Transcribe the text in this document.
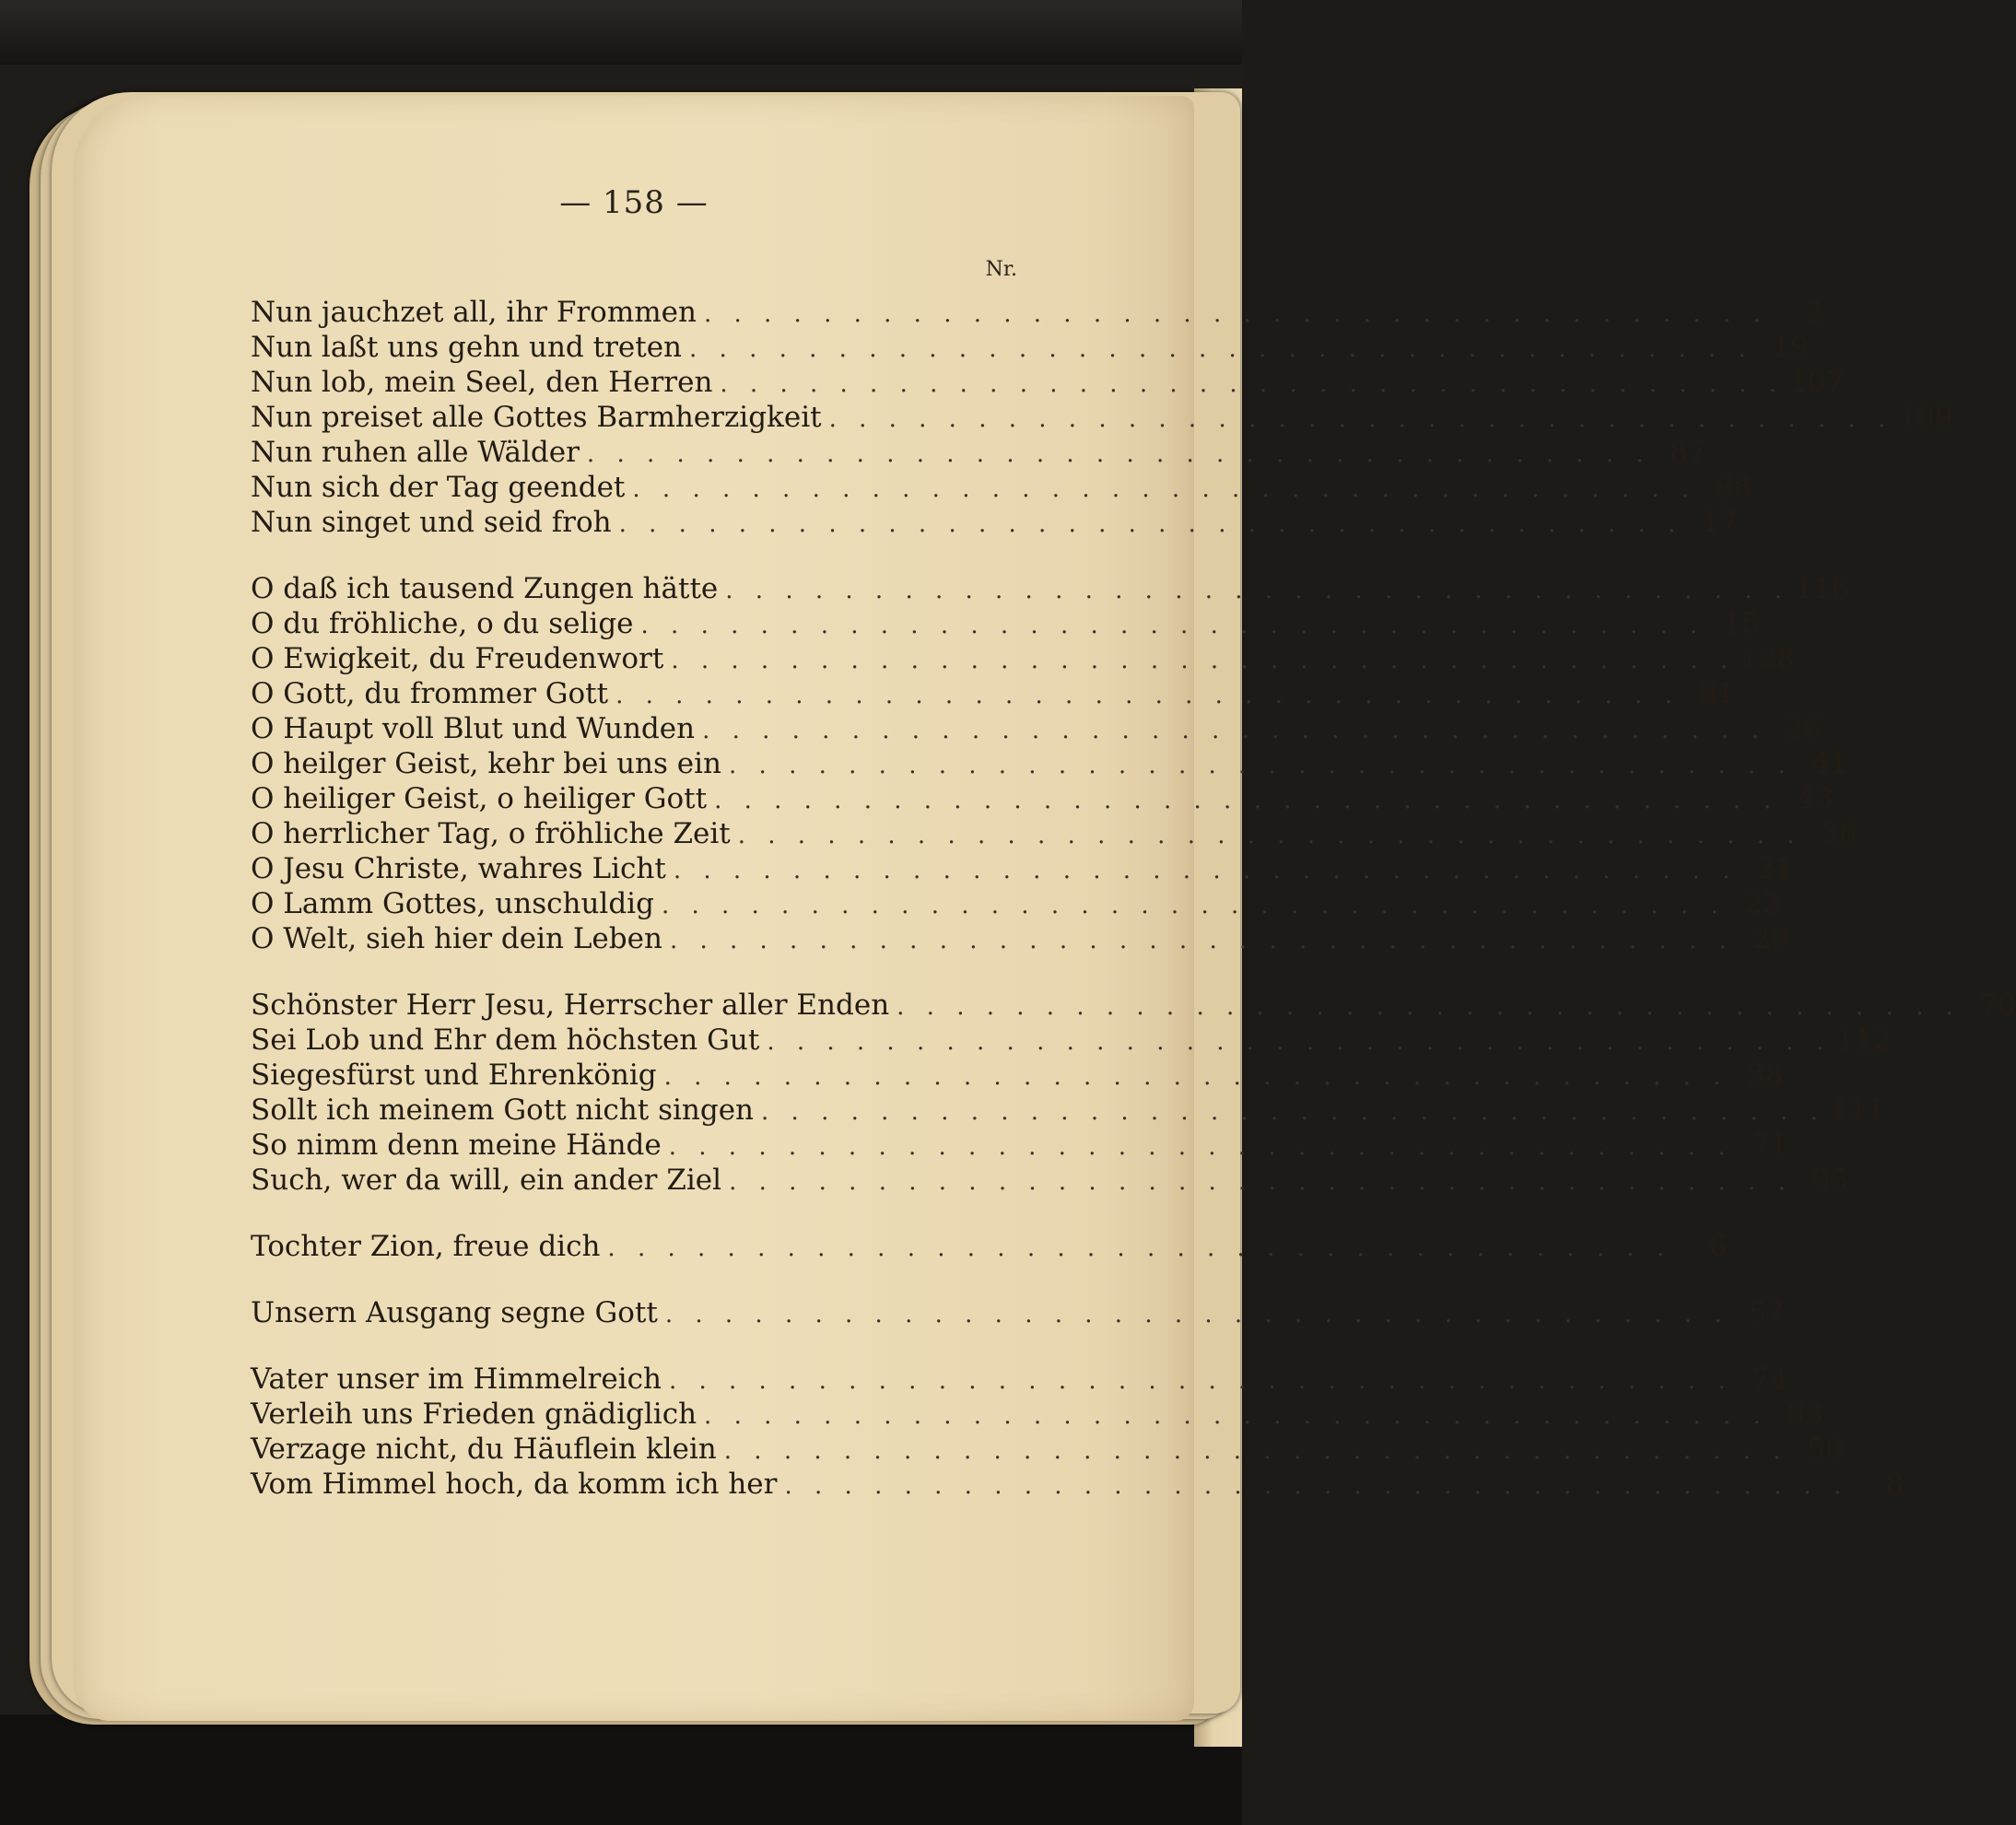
— 158 —
Nr.
Nun jauchzet all, ihr Frommen . . . . . . . . . . . . . . . . . . . . . . . . . . . . . . . . . . . .	2
Nun laßt uns gehn und treten . . . . . . . . . . . . . . . . . . . . . . . . . . . . . . . . . . . . 19
Nun lob, mein Seel, den Herren . . . . . . . . . . . . . . . . . . . . . . . . . . . . . . . . . . . . 107
Nun preiset alle Gottes Barmherzigkeit . . . . . . . . . . . . . . . . . . . . . . . . . . . . . . . . . . . . 109
Nun ruhen alle Wälder . . . . . . . . . . . . . . . . . . . . . . . . . . . . . . . . . . . . 87
Nun sich der Tag geendet . . . . . . . . . . . . . . . . . . . . . . . . . . . . . . . . . . . . 88
Nun singet und seid froh . . . . . . . . . . . . . . . . . . . . . . . . . . . . . . . . . . . . 17
O daß ich tausend Zungen hätte . . . . . . . . . . . . . . . . . . . . . . . . . . . . . . . . . . . . 116
O du fröhliche, o du selige . . . . . . . . . . . . . . . . . . . . . . . . . . . . . . . . . . . . 15
O Ewigkeit, du Freudenwort . . . . . . . . . . . . . . . . . . . . . . . . . . . . . . . . . . . . 128
O Gott, du frommer Gott . . . . . . . . . . . . . . . . . . . . . . . . . . . . . . . . . . . . 91
O Haupt voll Blut und Wunden . . . . . . . . . . . . . . . . . . . . . . . . . . . . . . . . . . . . 26
O heilger Geist, kehr bei uns ein . . . . . . . . . . . . . . . . . . . . . . . . . . . . . . . . . . . . 41
O heiliger Geist, o heiliger Gott . . . . . . . . . . . . . . . . . . . . . . . . . . . . . . . . . . . . 43
O herrlicher Tag, o fröhliche Zeit . . . . . . . . . . . . . . . . . . . . . . . . . . . . . . . . . . . . 36
O Jesu Christe, wahres Licht . . . . . . . . . . . . . . . . . . . . . . . . . . . . . . . . . . . . 21
O Lamm Gottes, unschuldig . . . . . . . . . . . . . . . . . . . . . . . . . . . . . . . . . . . . 22
O Welt, sieh hier dein Leben . . . . . . . . . . . . . . . . . . . . . . . . . . . . . . . . . . . . 29
Schönster Herr Jesu, Herrscher aller Enden . . . . . . . . . . . . . . . . . . . . . . . . . . . . . . . . . . . . 70
Sei Lob und Ehr dem höchsten Gut . . . . . . . . . . . . . . . . . . . . . . . . . . . . . . . . . . . . 112
Siegesfürst und Ehrenkönig . . . . . . . . . . . . . . . . . . . . . . . . . . . . . . . . . . . . 38
Sollt ich meinem Gott nicht singen . . . . . . . . . . . . . . . . . . . . . . . . . . . . . . . . . . . . 111
So nimm denn meine Hände . . . . . . . . . . . . . . . . . . . . . . . . . . . . . . . . . . . . 71
Such, wer da will, ein ander Ziel . . . . . . . . . . . . . . . . . . . . . . . . . . . . . . . . . . . . 95
Tochter Zion, freue dich . . . . . . . . . . . . . . . . . . . . . . . . . . . . . . . . . . . .	6
Unsern Ausgang segne Gott . . . . . . . . . . . . . . . . . . . . . . . . . . . . . . . . . . . . 57
Vater unser im Himmelreich . . . . . . . . . . . . . . . . . . . . . . . . . . . . . . . . . . . . 74
Verleih uns Frieden gnädiglich . . . . . . . . . . . . . . . . . . . . . . . . . . . . . . . . . . . . 93
Verzage nicht, du Häuflein klein . . . . . . . . . . . . . . . . . . . . . . . . . . . . . . . . . . . . 50
Vom Himmel hoch, da komm ich her . . . . . . . . . . . . . . . . . . . . . . . . . . . . . . . . . . . .	8
